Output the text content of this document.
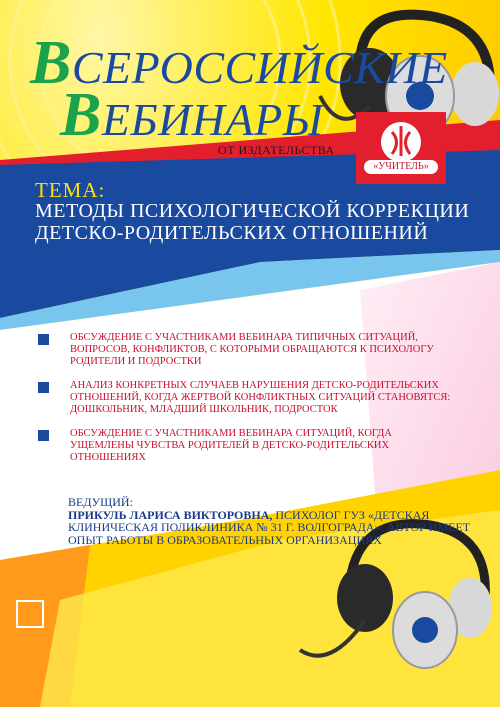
ВСЕРОССИЙСКИЕ
ВЕБИНАРЫ
ОТ ИЗДАТЕЛЬСТВА
«УЧИТЕЛЬ»
ТЕМА:
МЕТОДЫ ПСИХОЛОГИЧЕСКОЙ КОРРЕКЦИИ ДЕТСКО-РОДИТЕЛЬСКИХ ОТНОШЕНИЙ
ОБСУЖДЕНИЕ С УЧАСТНИКАМИ ВЕБИНАРА ТИПИЧНЫХ СИТУАЦИЙ, ВОПРОСОВ, КОНФЛИКТОВ, С КОТОРЫМИ ОБРАЩАЮТСЯ К ПСИХОЛОГУ РОДИТЕЛИ И ПОДРОСТКИ
АНАЛИЗ КОНКРЕТНЫХ СЛУЧАЕВ НАРУШЕНИЯ ДЕТСКО-РОДИТЕЛЬСКИХ ОТНОШЕНИЙ, КОГДА ЖЕРТВОЙ КОНФЛИКТНЫХ СИТУАЦИЙ СТАНОВЯТСЯ: ДОШКОЛЬНИК, МЛАДШИЙ ШКОЛЬНИК, ПОДРОСТОК
ОБСУЖДЕНИЕ С УЧАСТНИКАМИ ВЕБИНАРА СИТУАЦИЙ, КОГДА УЩЕМЛЕНЫ ЧУВСТВА РОДИТЕЛЕЙ В ДЕТСКО-РОДИТЕЛЬСКИХ ОТНОШЕНИЯХ
ВЕДУЩИЙ:
ПРИКУЛЬ ЛАРИСА ВИКТОРОВНА, ПСИХОЛОГ ГУЗ «ДЕТСКАЯ КЛИНИЧЕСКАЯ ПОЛИКЛИНИКА № 31 Г. ВОЛГОГРАДА»; АВТОР ИМЕЕТ ОПЫТ РАБОТЫ В ОБРАЗОВАТЕЛЬНЫХ ОРГАНИЗАЦИЯХ
